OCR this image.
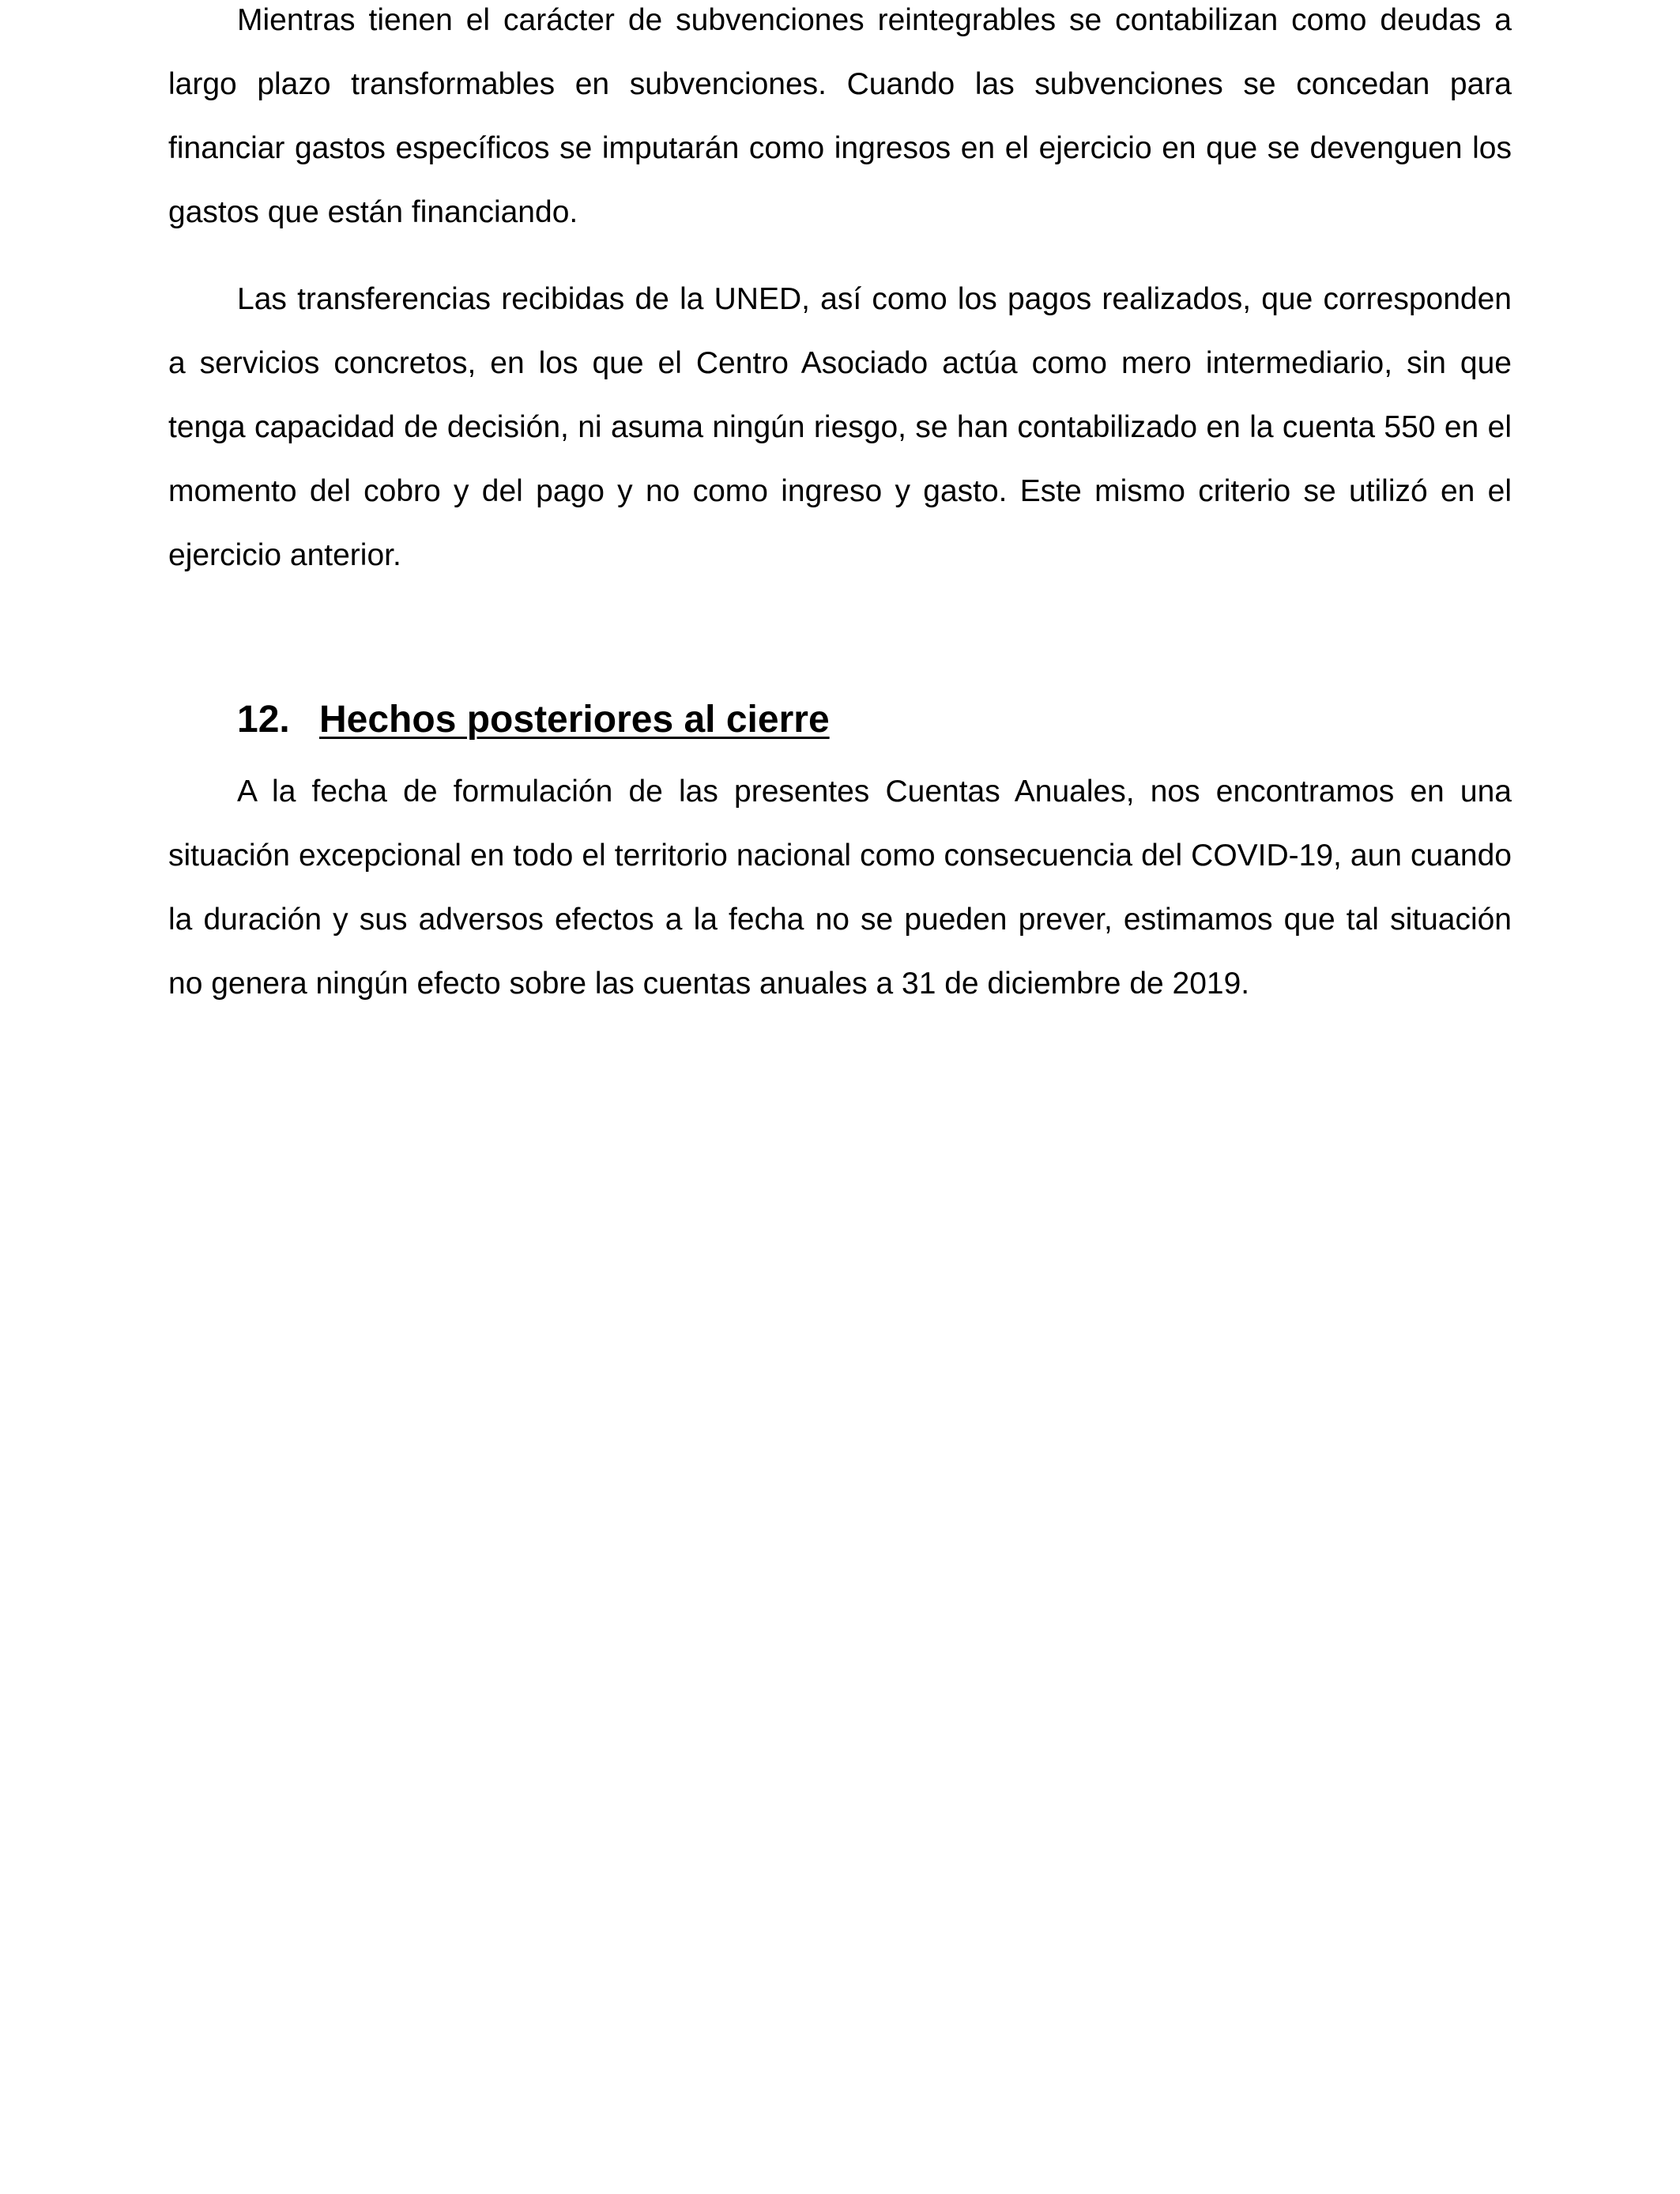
Mientras tienen el carácter de subvenciones reintegrables se contabilizan como deudas a largo plazo transformables en subvenciones. Cuando las subvenciones se concedan para financiar gastos específicos se imputarán como ingresos en el ejercicio en que se devenguen los gastos que están financiando.

Las transferencias recibidas de la UNED, así como los pagos realizados, que corresponden a servicios concretos, en los que el Centro Asociado actúa como mero intermediario, sin que tenga capacidad de decisión, ni asuma ningún riesgo, se han contabilizado en la cuenta 550 en el momento del cobro y del pago y no como ingreso y gasto. Este mismo criterio se utilizó en el ejercicio anterior.

12. Hechos posteriores al cierre

A la fecha de formulación de las presentes Cuentas Anuales, nos encontramos en una situación excepcional en todo el territorio nacional como consecuencia del COVID-19, aun cuando la duración y sus adversos efectos a la fecha no se pueden prever, estimamos que tal situación no genera ningún efecto sobre las cuentas anuales a 31 de diciembre de 2019.
